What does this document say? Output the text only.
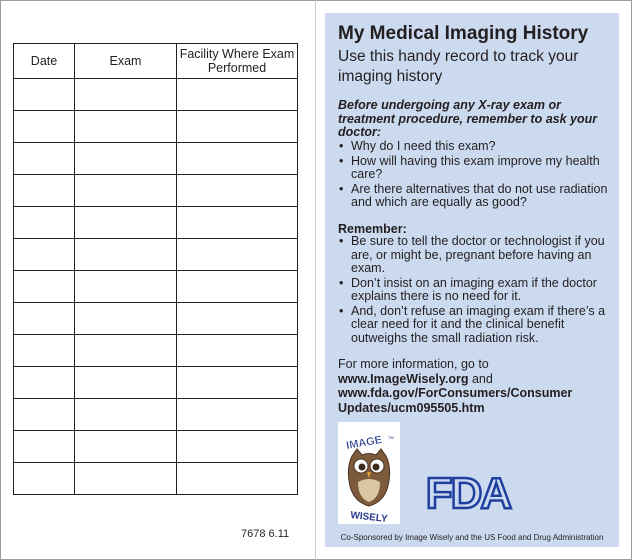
Date	Exam	Facility Where Exam Performed

7678 6.11
My Medical Imaging History
Use this handy record to track your imaging history
Before undergoing any X-ray exam or treatment procedure, remember to ask your doctor:
• Why do I need this exam?
• How will having this exam improve my health care?
• Are there alternatives that do not use radiation and which are equally as good?
Remember:
• Be sure to tell the doctor or technologist if you are, or might be, pregnant before having an exam.
• Don’t insist on an imaging exam if the doctor explains there is no need for it.
• And, don’t refuse an imaging exam if there’s a clear need for it and the clinical benefit outweighs the small radiation risk.
For more information, go to
www.ImageWisely.org and
www.fda.gov/ForConsumers/Consumer Updates/ucm095505.htm
IMAGE TM
WISELY FDA
Co-Sponsored by Image Wisely and the US Food and Drug Administration
